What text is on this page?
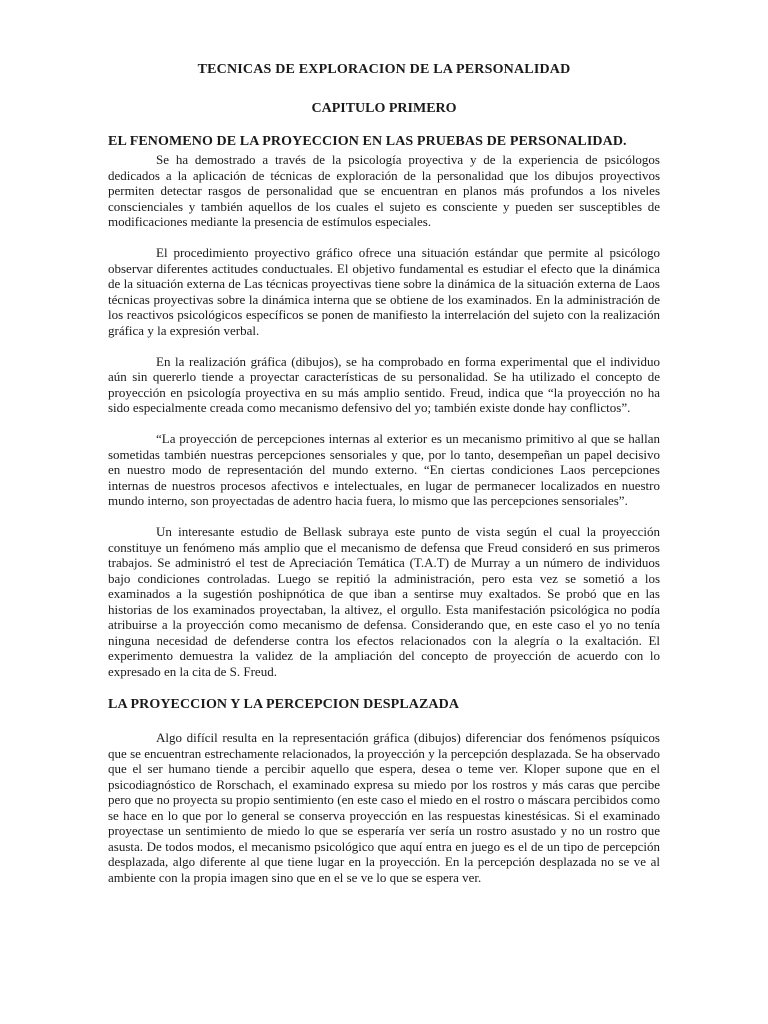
TECNICAS DE EXPLORACION DE LA PERSONALIDAD
CAPITULO PRIMERO
EL FENOMENO DE LA PROYECCION EN LAS PRUEBAS DE PERSONALIDAD.

Se ha demostrado a través de la psicología proyectiva y de la experiencia de psicólogos dedicados a la aplicación de técnicas de exploración de la personalidad que los dibujos proyectivos permiten detectar rasgos de personalidad que se encuentran en planos más profundos a los niveles conscienciales y también aquellos de los cuales el sujeto es consciente y pueden ser susceptibles de modificaciones mediante la presencia de estímulos especiales.

El procedimiento proyectivo gráfico ofrece una situación estándar que permite al psicólogo observar diferentes actitudes conductuales. El objetivo fundamental es estudiar el efecto que la dinámica de la situación externa de Las técnicas proyectivas tiene sobre la dinámica de la situación externa de Laos técnicas proyectivas sobre la dinámica interna que se obtiene de los examinados. En la administración de los reactivos psicológicos específicos se ponen de manifiesto la interrelación del sujeto con la realización gráfica y la expresión verbal.

En la realización gráfica (dibujos), se ha comprobado en forma experimental que el individuo aún sin quererlo tiende a proyectar características de su personalidad. Se ha utilizado el concepto de proyección en psicología proyectiva en su más amplio sentido. Freud, indica que “la proyección no ha sido especialmente creada como mecanismo defensivo del yo; también existe donde hay conflictos”.

“La proyección de percepciones internas al exterior es un mecanismo primitivo al que se hallan sometidas también nuestras percepciones sensoriales y que, por lo tanto, desempeñan un papel decisivo en nuestro modo de representación del mundo externo. “En ciertas condiciones Laos percepciones internas de nuestros procesos afectivos e intelectuales, en lugar de permanecer localizados en nuestro mundo interno, son proyectadas de adentro hacia fuera, lo mismo que las percepciones sensoriales”.

Un interesante estudio de Bellask subraya este punto de vista según el cual la proyección constituye un fenómeno más amplio que el mecanismo de defensa que Freud consideró en sus primeros trabajos. Se administró el test de Apreciación Temática (T.A.T) de Murray a un número de individuos bajo condiciones controladas. Luego se repitió la administración, pero esta vez se sometió a los examinados a la sugestión poshipnótica de que iban a sentirse muy exaltados. Se probó que en las historias de los examinados proyectaban, la altivez, el orgullo. Esta manifestación psicológica no podía atribuirse a la proyección como mecanismo de defensa. Considerando que, en este caso el yo no tenía ninguna necesidad de defenderse contra los efectos relacionados con la alegría o la exaltación. El experimento demuestra la validez de la ampliación del concepto de proyección de acuerdo con lo expresado en la cita de S. Freud.

LA PROYECCION Y LA PERCEPCION DESPLAZADA

Algo difícil resulta en la representación gráfica (dibujos) diferenciar dos fenómenos psíquicos que se encuentran estrechamente relacionados, la proyección y la percepción desplazada. Se ha observado que el ser humano tiende a percibir aquello que espera, desea o teme ver. Kloper supone que en el psicodiagnóstico de Rorschach, el examinado expresa su miedo por los rostros y más caras que percibe pero que no proyecta su propio sentimiento (en este caso el miedo en el rostro o máscara percibidos como se hace en lo que por lo general se conserva proyección en las respuestas kinestésicas. Si el examinado proyectase un sentimiento de miedo lo que se esperaría ver sería un rostro asustado y no un rostro que asusta. De todos modos, el mecanismo psicológico que aquí entra en juego es el de un tipo de percepción desplazada, algo diferente al que tiene lugar en la proyección. En la percepción desplazada no se ve al ambiente con la propia imagen sino que en el se ve lo que se espera ver.
